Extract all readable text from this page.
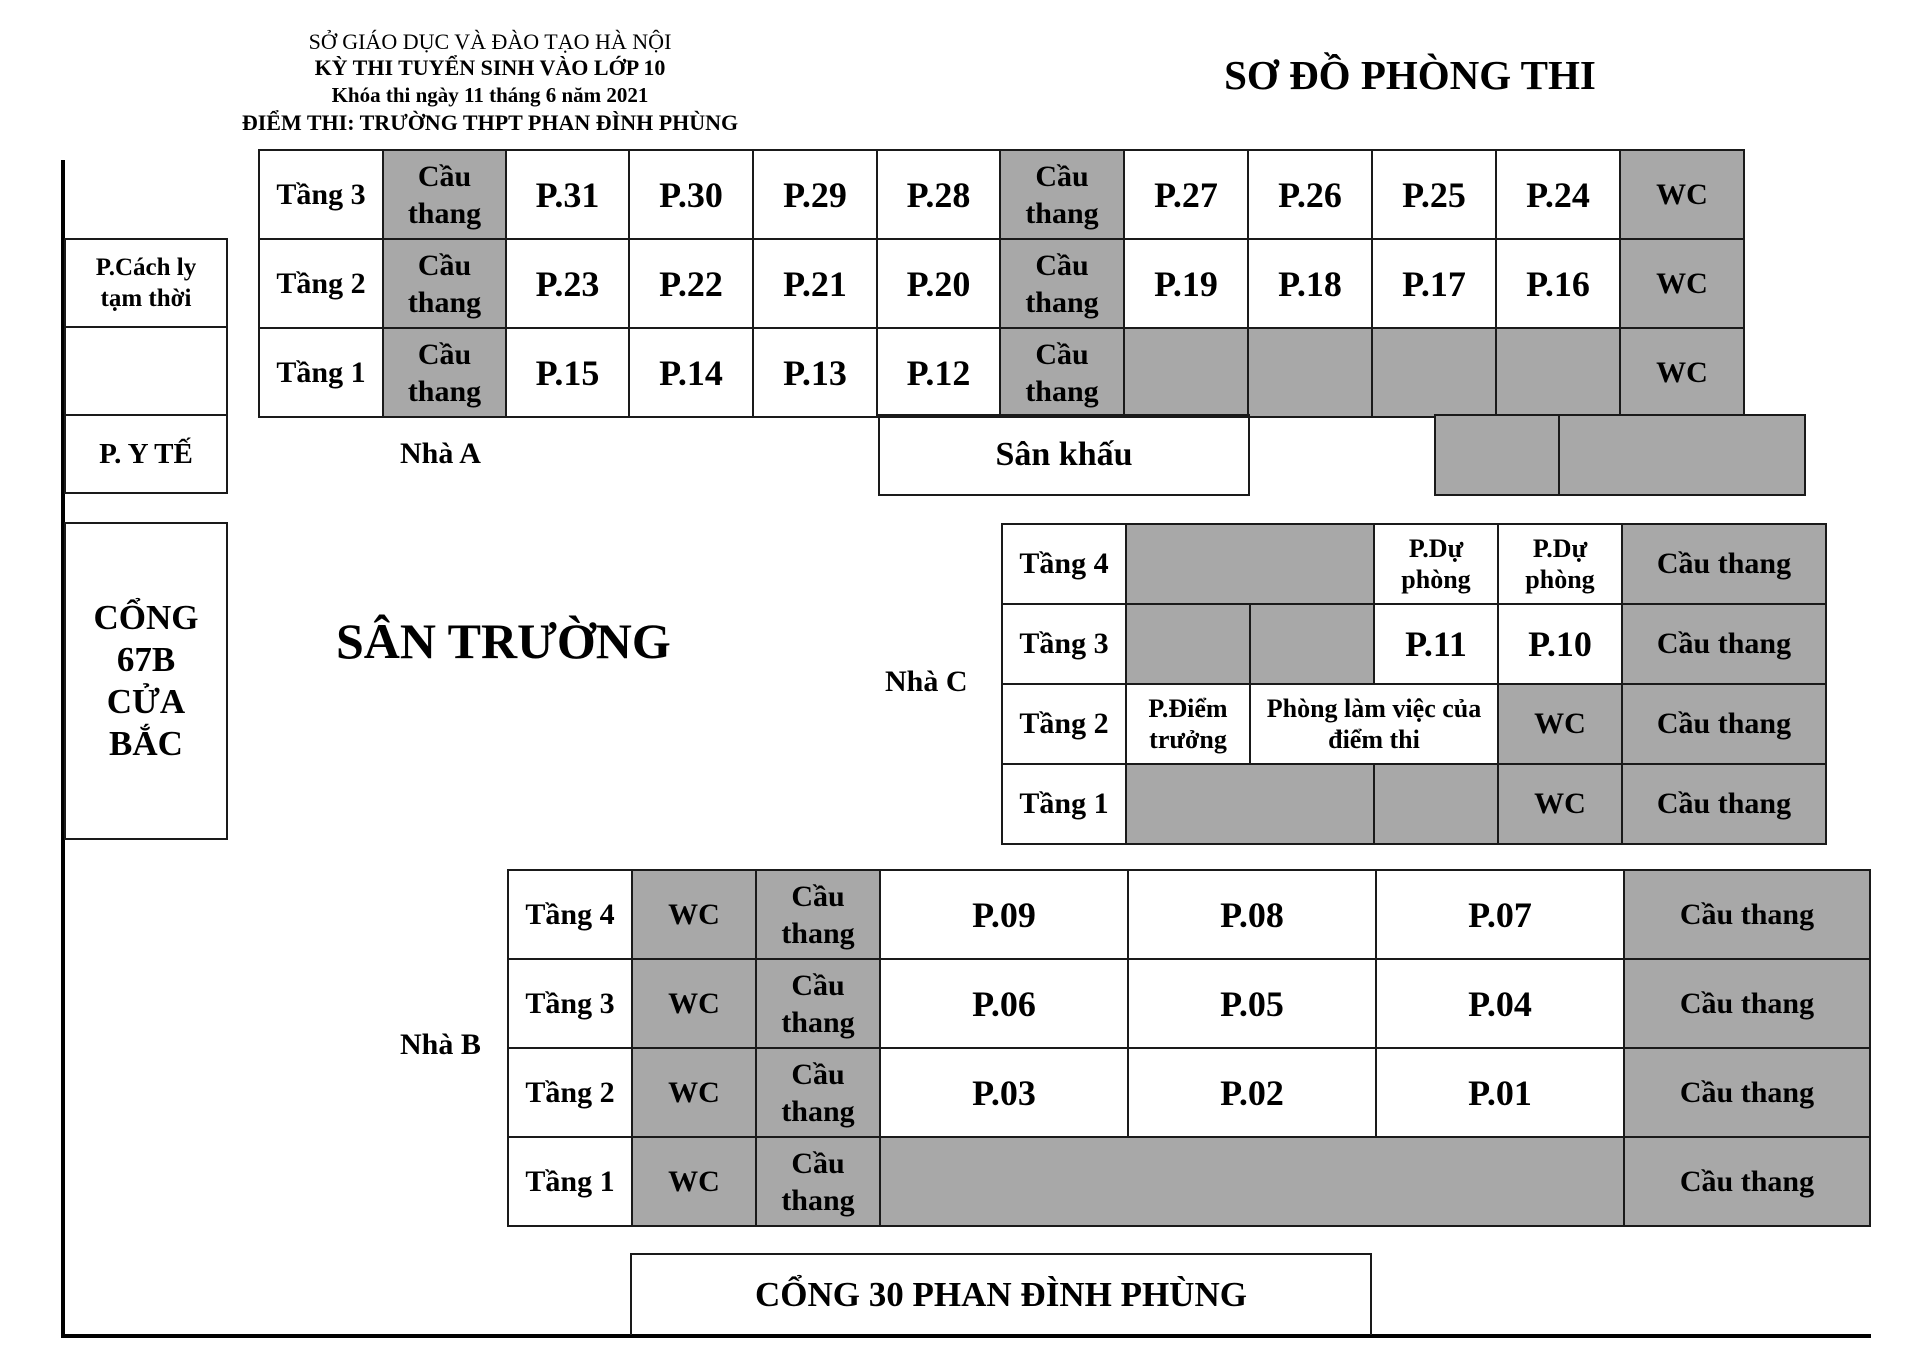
SỞ GIÁO DỤC VÀ ĐÀO TẠO HÀ NỘI
KỲ THI TUYỂN SINH VÀO LỚP 10
Khóa thi ngày 11 tháng 6 năm 2021
ĐIỂM THI: TRƯỜNG THPT PHAN ĐÌNH PHÙNG
SƠ ĐỒ PHÒNG THI
P.Cách ly tạm thời
P. Y TẾ
CỔNG 67B CỬA BẮC
SÂN TRƯỜNG
Nhà A
Nhà C
Nhà B
Tầng 3	Cầu thang	P.31	P.30	P.29	P.28	Cầu thang	P.27	P.26	P.25	P.24	WC
Tầng 2	Cầu thang	P.23	P.22	P.21	P.20	Cầu thang	P.19	P.18	P.17	P.16	WC
Tầng 1	Cầu thang	P.15	P.14	P.13	P.12	Cầu thang					WC
Sân khấu
Tầng 4			P.Dự phòng	P.Dự phòng	Cầu thang
Tầng 3			P.11	P.10	Cầu thang
Tầng 2	P.Điểm trưởng	Phòng làm việc của điểm thi		WC	Cầu thang
Tầng 1				WC	Cầu thang
Tầng 4	WC	Cầu thang	P.09	P.08	P.07	Cầu thang
Tầng 3	WC	Cầu thang	P.06	P.05	P.04	Cầu thang
Tầng 2	WC	Cầu thang	P.03	P.02	P.01	Cầu thang
Tầng 1	WC	Cầu thang				Cầu thang
CỔNG 30 PHAN ĐÌNH PHÙNG
